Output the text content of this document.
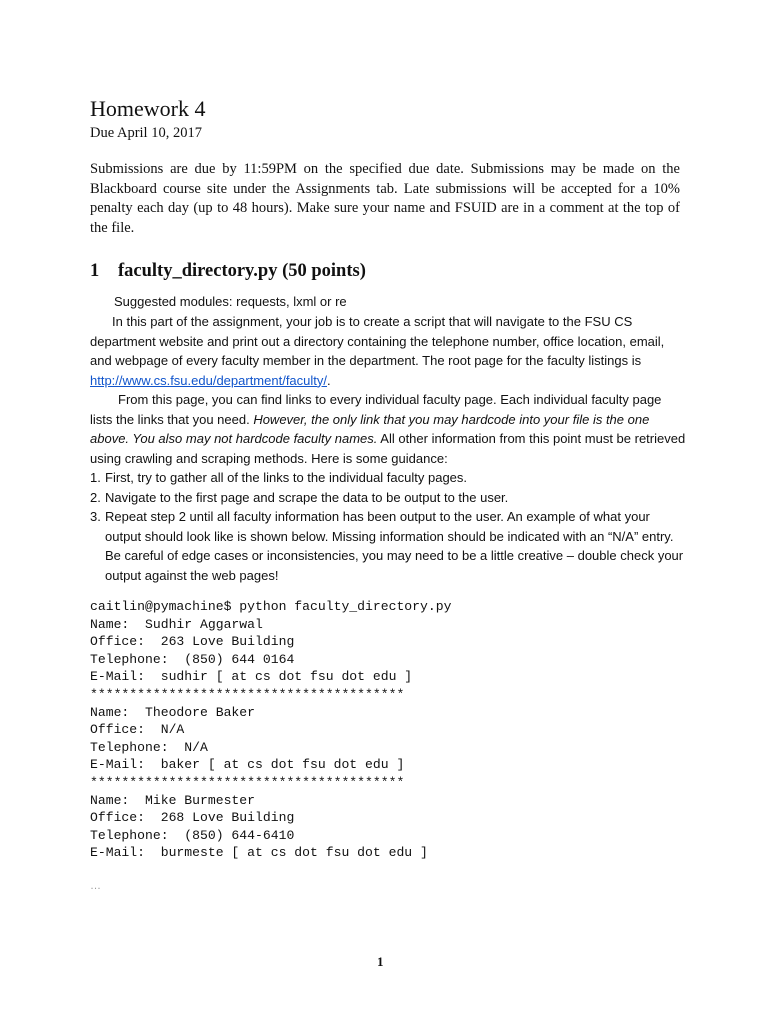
Homework 4
Due April 10, 2017
Submissions are due by 11:59PM on the specified due date. Submissions may be made on the Blackboard course site under the Assignments tab. Late submissions will be accepted for a 10% penalty each day (up to 48 hours). Make sure your name and FSUID are in a comment at the top of the file.
1 faculty_directory.py (50 points)
Suggested modules: requests, lxml or re
In this part of the assignment, your job is to create a script that will navigate to the FSU CS department website and print out a directory containing the telephone number, office location, email, and webpage of every faculty member in the department. The root page for the faculty listings is http://www.cs.fsu.edu/department/faculty/.
From this page, you can find links to every individual faculty page. Each individual faculty page lists the links that you need. However, the only link that you may hardcode into your file is the one above. You also may not hardcode faculty names. All other information from this point must be retrieved using crawling and scraping methods. Here is some guidance:
1. First, try to gather all of the links to the individual faculty pages.
2. Navigate to the first page and scrape the data to be output to the user.
3. Repeat step 2 until all faculty information has been output to the user. An example of what your output should look like is shown below. Missing information should be indicated with an “N/A” entry. Be careful of edge cases or inconsistencies, you may need to be a little creative – double check your output against the web pages!
caitlin@pymachine$ python faculty_directory.py
Name:  Sudhir Aggarwal
Office:  263 Love Building
Telephone:  (850) 644 0164
E-Mail:  sudhir [ at cs dot fsu dot edu ]
****************************************
Name:  Theodore Baker
Office:  N/A
Telephone:  N/A
E-Mail:  baker [ at cs dot fsu dot edu ]
****************************************
Name:  Mike Burmester
Office:  268 Love Building
Telephone:  (850) 644-6410
E-Mail:  burmeste [ at cs dot fsu dot edu ]
…
1
